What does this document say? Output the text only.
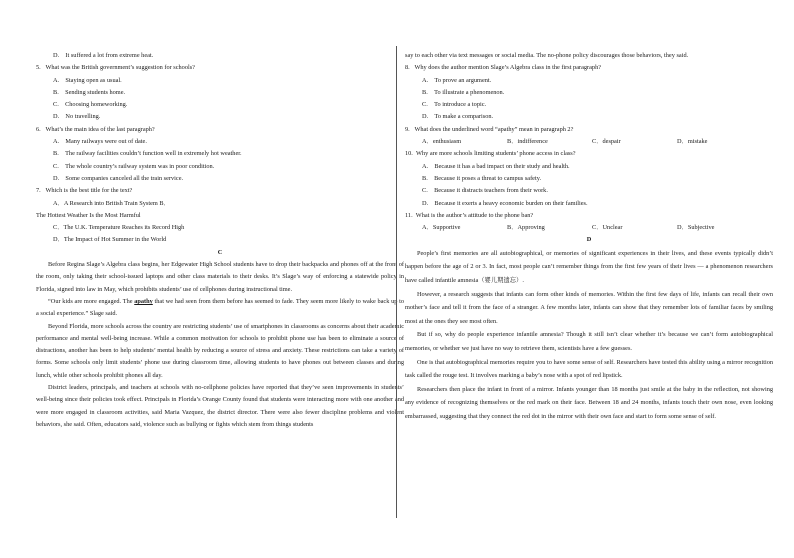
D.    It suffered a lot from extreme heat.
5.   What was the British government’s suggestion for schools?
A.    Staying open as usual.
B.    Sending students home.
C.    Choosing homeworking.
D.    No travelling.
6.   What’s the main idea of the last paragraph?
A.    Many railways were out of date.
B.    The railway facilities couldn’t function well in extremely hot weather.
C.    The whole country’s railway system was in poor condition.
D.    Some companies canceled all the train service.
7.   Which is the best title for the text?
A．A Research into British Train System B．
The Hottest Weather Is the Most Harmful
C．The U.K. Temperature Reaches its Record High
D．The Impact of Hot Summer in the World
C

Before Regina Slage’s Algebra class begins, her Edgewater High School students have to drop their backpacks and phones off at the front of the room, only taking their school-issued laptops and other class materials to their desks. It’s Slage’s way of enforcing a statewide policy in Florida, signed into law in May, which prohibits students’ use of cellphones during instructional time.

“Our kids are more engaged. The apathy that we had seen from them before has seemed to fade. They seem more likely to wake back up to a social experience.” Slage said.

Beyond Florida, more schools across the country are restricting students’ use of smartphones in classrooms as concerns about their academic performance and mental well-being increase. While a common motivation for schools to prohibit phone use has been to eliminate a source of distractions, another has been to help students’ mental health by reducing a source of stress and anxiety. These restrictions can take a variety of forms. Some schools only limit students’ phone use during classroom time, allowing students to have phones out between classes and during lunch, while other schools prohibit phones all day.

District leaders, principals, and teachers at schools with no-cellphone policies have reported that they’ve seen improvements in students’ well-being since their policies took effect. Principals in Florida’s Orange County found that students were interacting more with one another and were more engaged in classroom activities, said Maria Vazquez, the district director. There were also fewer discipline problems and violent behaviors, she said. Often, educators said, violence such as bullying or fights which stem from things students

say to each other via text messages or social media. The no-phone policy discourages those behaviors, they said.

8.   Why does the author mention Slage’s Algebra class in the first paragraph?
A.    To prove an argument.
B.    To illustrate a phenomenon.
C.    To introduce a topic.
D.    To make a comparison.
9.   What does the underlined word “apathy” mean in paragraph 2?
A．enthusiasm	B．indifference	C．despair	D．mistake
10.  Why are more schools limiting students’ phone access in class?
A.    Because it has a bad impact on their study and health.
B.    Because it poses a threat to campus safety.
C.    Because it distracts teachers from their work.
D.    Because it exerts a heavy economic burden on their families.
11.  What is the author’s attitude to the phone ban?
A．Supportive	B．Approving	C．Unclear	D．Subjective
D

People’s first memories are all autobiographical, or memories of significant experiences in their lives, and these events typically didn’t happen before the age of 2 or 3. In fact, most people can’t remember things from the first few years of their lives — a phenomenon researchers have called infantile amnesia（婴儿期遗忘）.

However, a research suggests that infants can form other kinds of memories. Within the first few days of life, infants can recall their own mother’s face and tell it from the face of a stranger. A few months later, infants can show that they remember lots of familiar faces by smiling most at the ones they see most often.

But if so, why do people experience infantile amnesia? Though it still isn’t clear whether it’s because we can’t form autobiographical memories, or whether we just have no way to retrieve them, scientists have a few guesses.

One is that autobiographical memories require you to have some sense of self. Researchers have tested this ability using a mirror recognition task called the rouge test. It involves marking a baby’s nose with a spot of red lipstick.

Researchers then place the infant in front of a mirror. Infants younger than 18 months just smile at the baby in the reflection, not showing any evidence of recognizing themselves or the red mark on their face. Between 18 and 24 months, infants touch their own nose, even looking embarrassed, suggesting that they connect the red dot in the mirror with their own face and start to form some sense of self.
